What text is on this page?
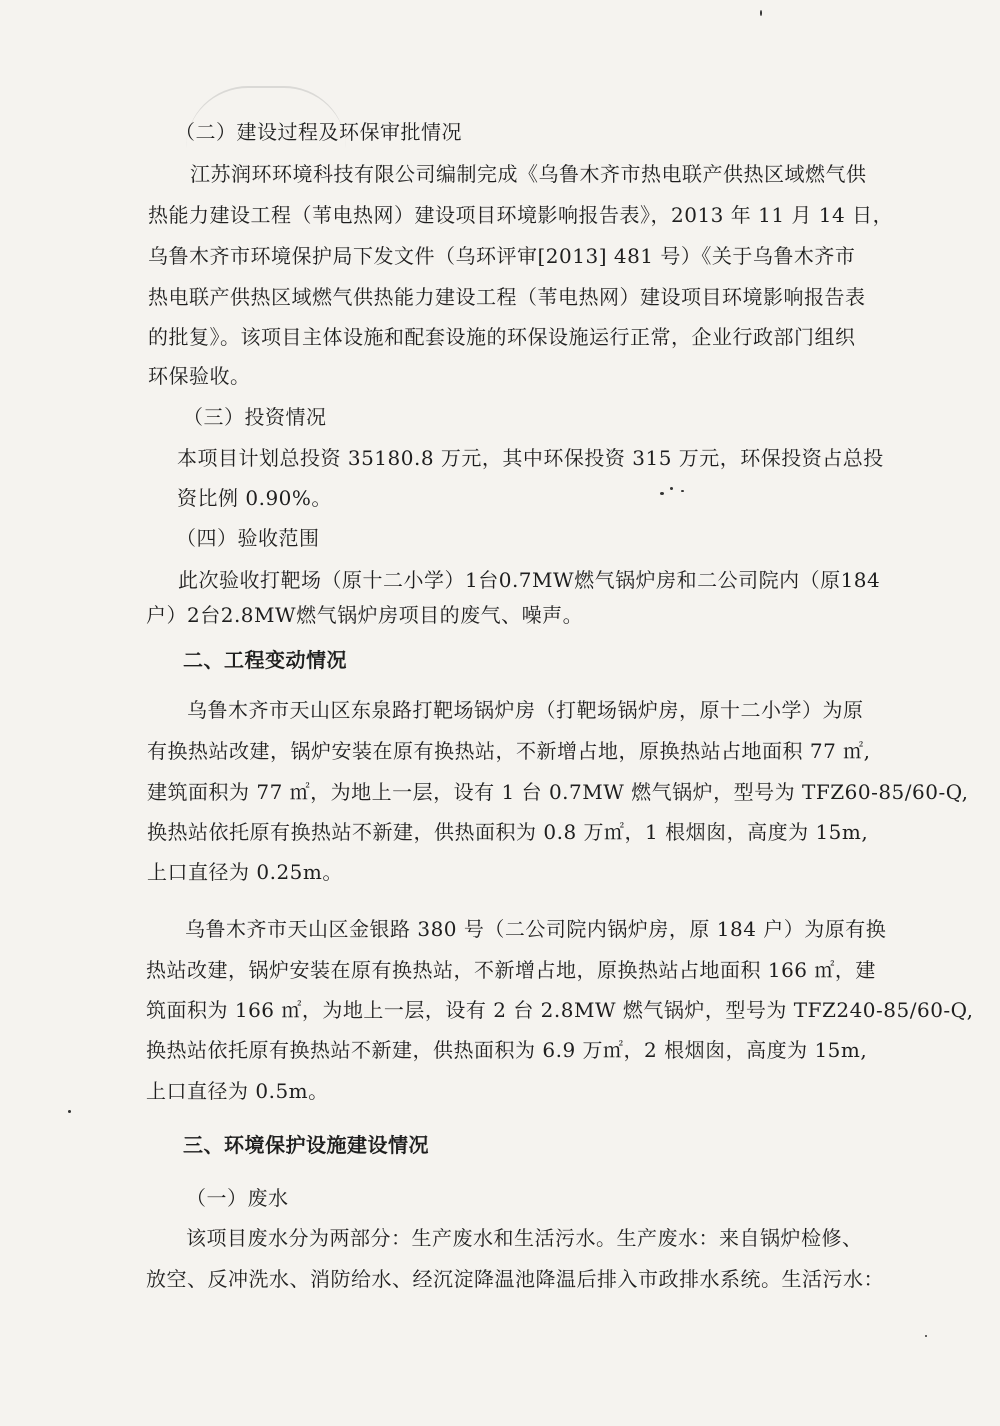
（二）建设过程及环保审批情况

江苏润环环境科技有限公司编制完成《乌鲁木齐市热电联产供热区域燃气供

热能力建设工程（苇电热网）建设项目环境影响报告表》，2013 年 11 月 14 日，

乌鲁木齐市环境保护局下发文件（乌环评审[2013] 481 号）《关于乌鲁木齐市

热电联产供热区域燃气供热能力建设工程（苇电热网）建设项目环境影响报告表

的批复》。该项目主体设施和配套设施的环保设施运行正常，企业行政部门组织

环保验收。

（三）投资情况

本项目计划总投资 35180.8 万元，其中环保投资 315 万元，环保投资占总投

资比例 0.90%。

（四）验收范围

此次验收打靶场（原十二小学）1台0.7MW燃气锅炉房和二公司院内（原184

户）2台2.8MW燃气锅炉房项目的废气、噪声。

二、工程变动情况

乌鲁木齐市天山区东泉路打靶场锅炉房（打靶场锅炉房，原十二小学）为原

有换热站改建，锅炉安装在原有换热站，不新增占地，原换热站占地面积 77 ㎡,

建筑面积为 77 ㎡，为地上一层，设有 1 台 0.7MW 燃气锅炉，型号为 TFZ60-85/60-Q,

换热站依托原有换热站不新建，供热面积为 0.8 万㎡，1 根烟囱，高度为 15m,

上口直径为 0.25m。

乌鲁木齐市天山区金银路 380 号（二公司院内锅炉房，原 184 户）为原有换

热站改建，锅炉安装在原有换热站，不新增占地，原换热站占地面积 166 ㎡，建

筑面积为 166 ㎡，为地上一层，设有 2 台 2.8MW 燃气锅炉，型号为 TFZ240-85/60-Q,

换热站依托原有换热站不新建，供热面积为 6.9 万㎡，2 根烟囱，高度为 15m,

上口直径为 0.5m。

三、环境保护设施建设情况

（一）废水

该项目废水分为两部分：生产废水和生活污水。生产废水：来自锅炉检修、

放空、反冲洗水、消防给水、经沉淀降温池降温后排入市政排水系统。生活污水：
